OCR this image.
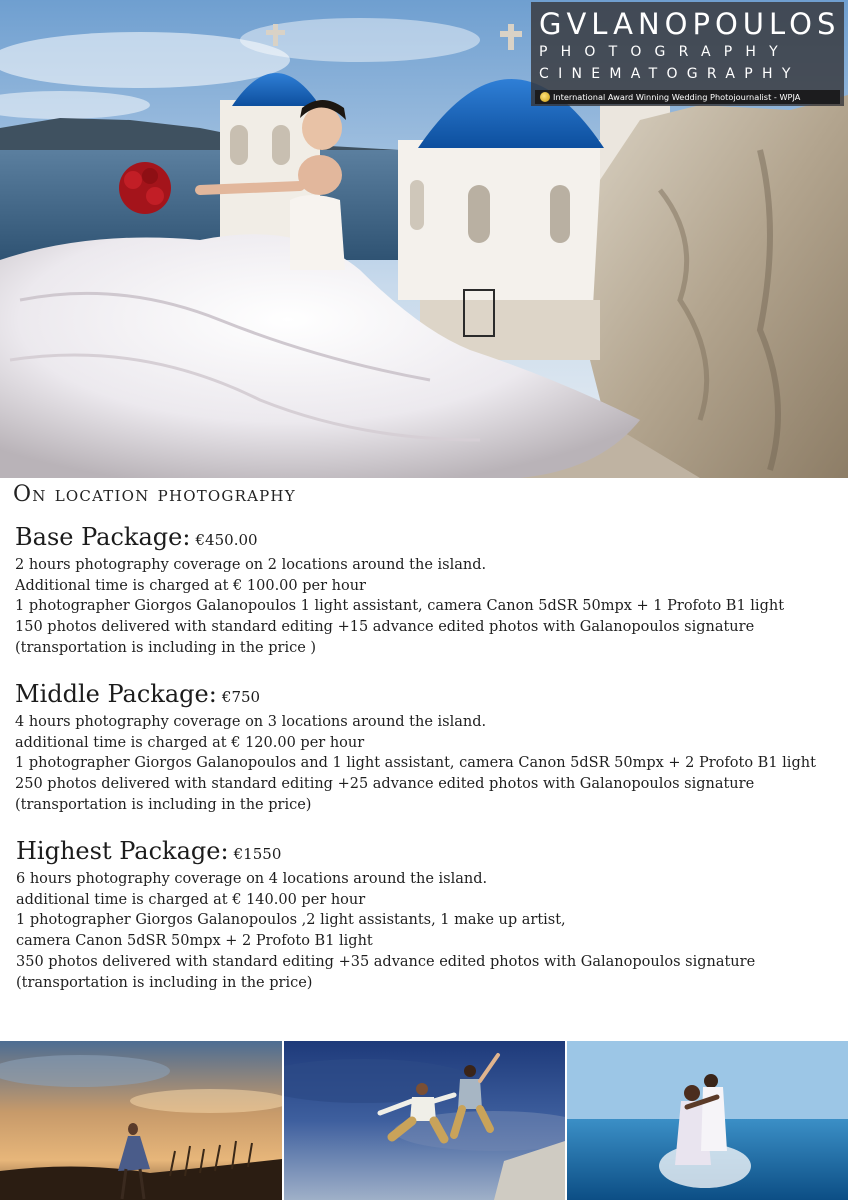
GVLANOPOULOS
PHOTOGRAPHY
CINEMATOGRAPHY
International Award Winning Wedding Photojournalist - WPJA
On location photography
Base Package: €450.00
2 hours photography coverage on 2 locations around the island.
Additional time is charged at € 100.00 per hour
1 photographer Giorgos Galanopoulos 1 light assistant, camera Canon 5dSR 50mpx + 1 Profoto B1 light
150 photos delivered with standard editing +15 advance edited photos with Galanopoulos signature
(transportation is including in the price )
Middle Package: €750
4 hours photography coverage on 3 locations around the island.
additional time is charged at € 120.00 per hour
1 photographer Giorgos Galanopoulos and 1 light assistant, camera Canon 5dSR 50mpx + 2 Profoto B1 light
250 photos delivered with standard editing +25 advance edited photos with Galanopoulos signature
(transportation is including in the price)
Highest Package: €1550
6 hours photography coverage on 4 locations around the island.
additional time is charged at € 140.00 per hour
1 photographer Giorgos Galanopoulos ,2 light assistants, 1 make up artist,
camera Canon 5dSR 50mpx + 2 Profoto B1 light
350 photos delivered with standard editing +35 advance edited photos with Galanopoulos signature
(transportation is including in the price)
